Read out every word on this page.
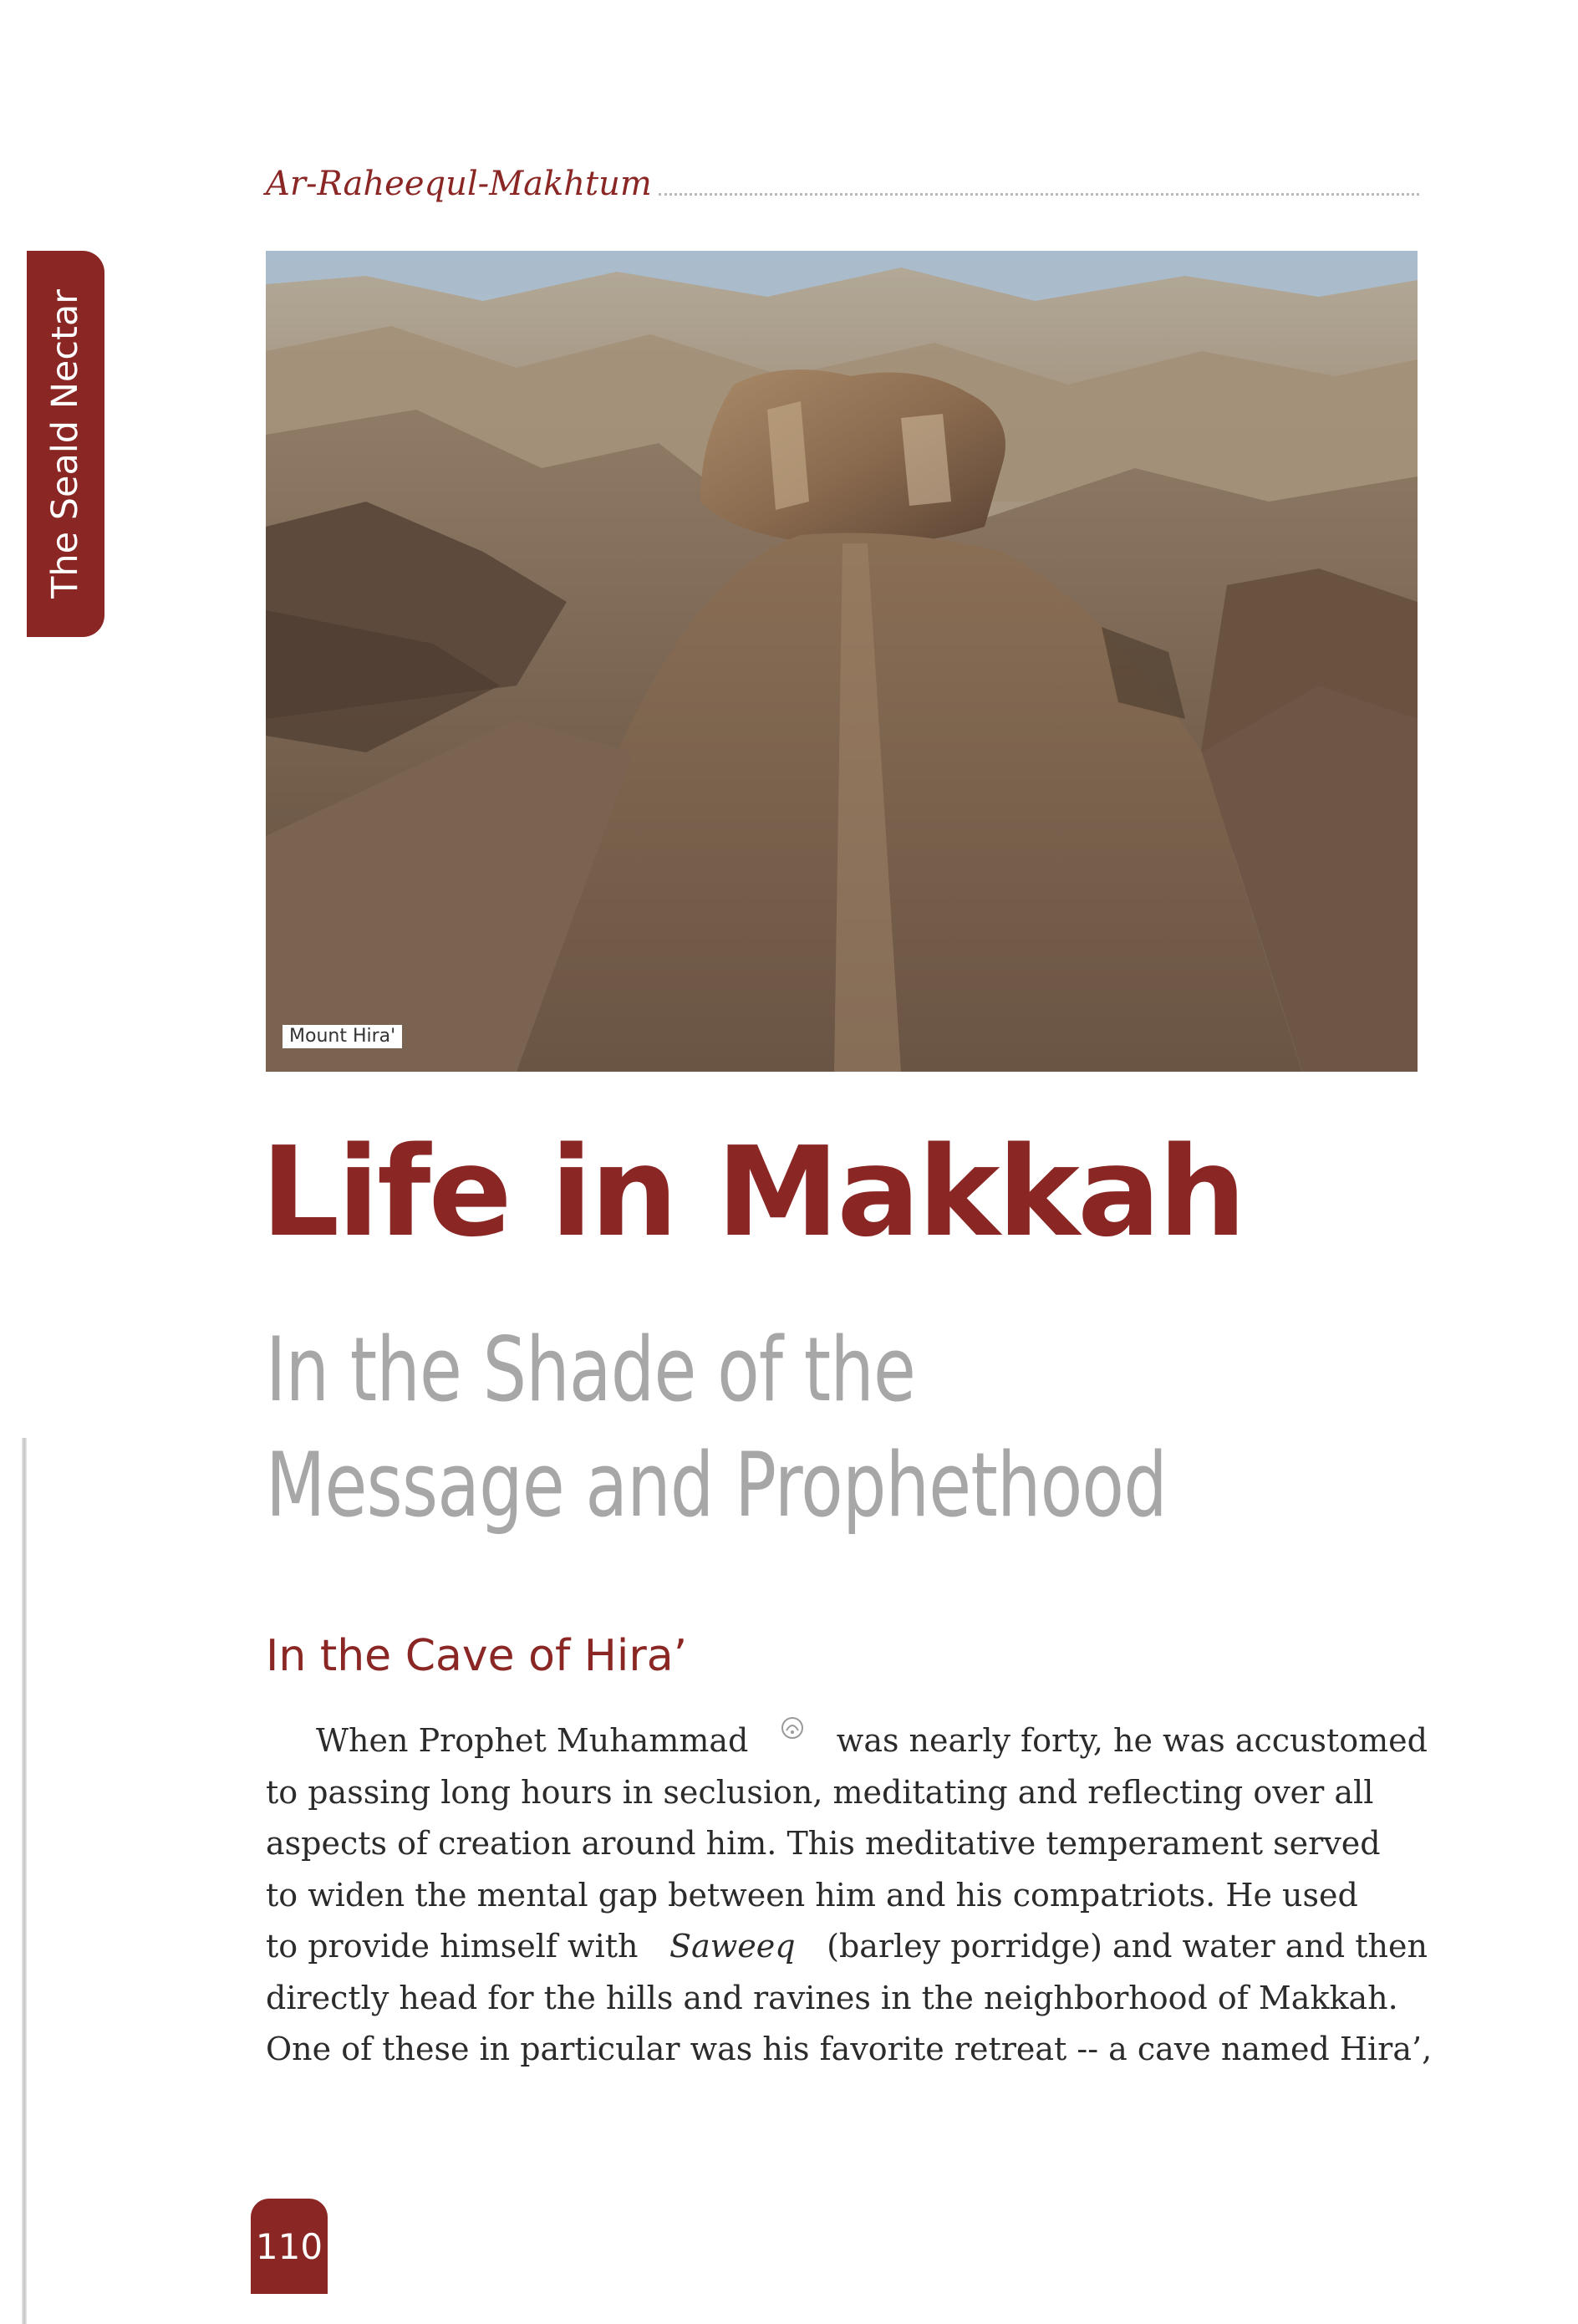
Ar-Raheequl-Makhtum
The Seald Nectar
Mount Hira'
Life in Makkah
In the Shade of the
Message and Prophethood
In the Cave of Hira’
When Prophet Muhammad	was nearly forty, he was accustomed
to passing long hours in seclusion, meditating and reflecting over all
aspects of creation around him. This meditative temperament served
to widen the mental gap between him and his compatriots. He used
to provide himself with Saweeq (barley porridge) and water and then
directly head for the hills and ravines in the neighborhood of Makkah.
One of these in particular was his favorite retreat -- a cave named Hira’,
110
